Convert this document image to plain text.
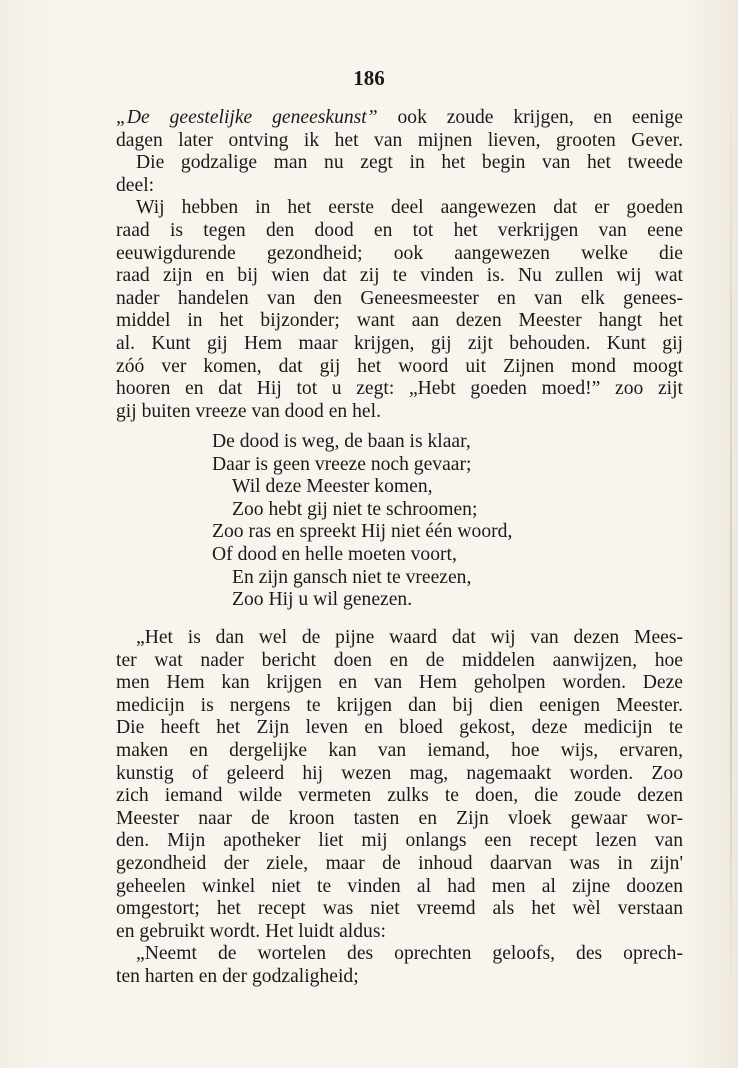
186
„De geestelijke geneeskunst” ook zoude krijgen, en eenige
dagen later ontving ik het van mijnen lieven, grooten Gever.
Die godzalige man nu zegt in het begin van het tweede
deel:
Wij hebben in het eerste deel aangewezen dat er goeden
raad is tegen den dood en tot het verkrijgen van eene
eeuwigdurende gezondheid; ook aangewezen welke die
raad zijn en bij wien dat zij te vinden is. Nu zullen wij wat
nader handelen van den Geneesmeester en van elk genees-
middel in het bijzonder; want aan dezen Meester hangt het
al. Kunt gij Hem maar krijgen, gij zijt behouden. Kunt gij
zóó ver komen, dat gij het woord uit Zijnen mond moogt
hooren en dat Hij tot u zegt: „Hebt goeden moed!” zoo zijt
gij buiten vreeze van dood en hel.
De dood is weg, de baan is klaar,
Daar is geen vreeze noch gevaar;
Wil deze Meester komen,
Zoo hebt gij niet te schroomen;
Zoo ras en spreekt Hij niet één woord,
Of dood en helle moeten voort,
En zijn gansch niet te vreezen,
Zoo Hij u wil genezen.
„Het is dan wel de pijne waard dat wij van dezen Mees-
ter wat nader bericht doen en de middelen aanwijzen, hoe
men Hem kan krijgen en van Hem geholpen worden. Deze
medicijn is nergens te krijgen dan bij dien eenigen Meester.
Die heeft het Zijn leven en bloed gekost, deze medicijn te
maken en dergelijke kan van iemand, hoe wijs, ervaren,
kunstig of geleerd hij wezen mag, nagemaakt worden. Zoo
zich iemand wilde vermeten zulks te doen, die zoude dezen
Meester naar de kroon tasten en Zijn vloek gewaar wor-
den. Mijn apotheker liet mij onlangs een recept lezen van
gezondheid der ziele, maar de inhoud daarvan was in zijn'
geheelen winkel niet te vinden al had men al zijne doozen
omgestort; het recept was niet vreemd als het wèl verstaan
en gebruikt wordt. Het luidt aldus:
„Neemt de wortelen des oprechten geloofs, des oprech-
ten harten en der godzaligheid;
